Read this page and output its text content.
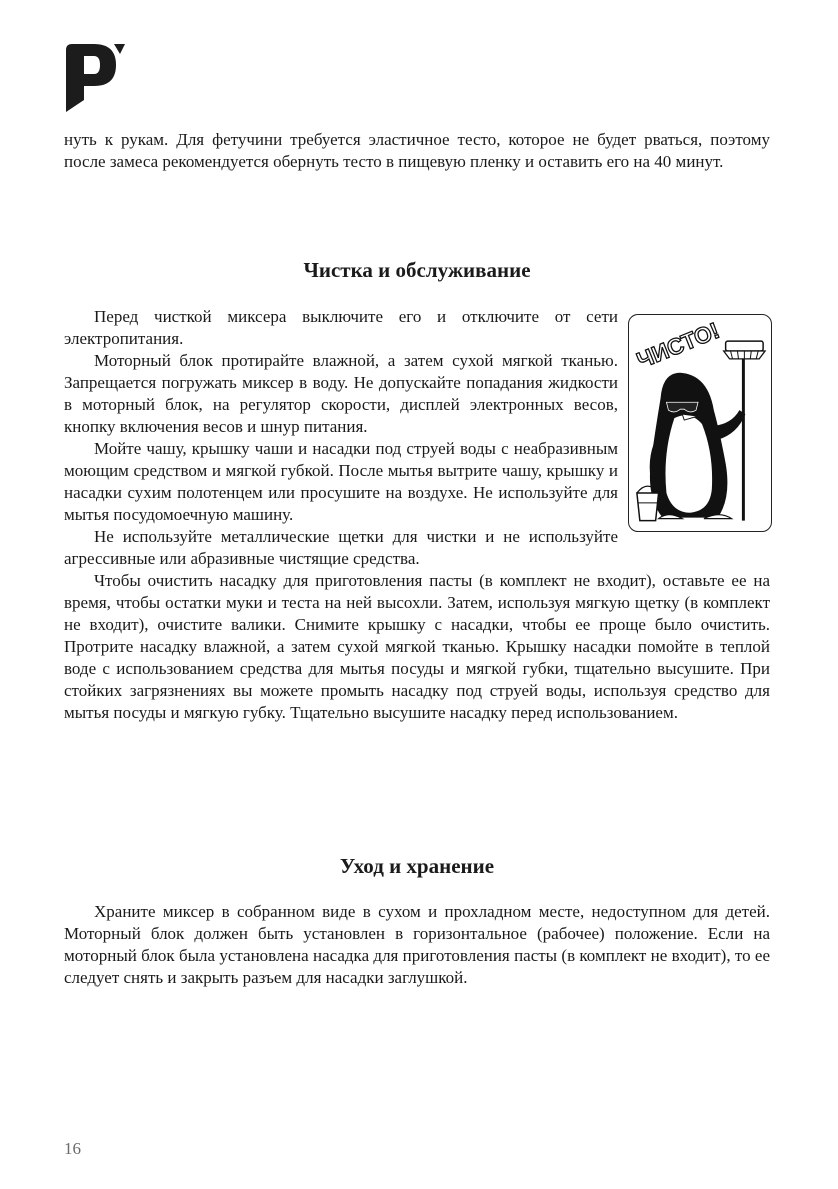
нуть к рукам. Для фетучини требуется эластичное тесто, которое не будет рваться, поэтому после замеса рекомендуется обернуть тесто в пищевую пленку и оставить его на 40 минут.

Чистка и обслуживание
ЧИСТО!

Перед чисткой миксера выключите его и отключите от сети электропитания.

Моторный блок протирайте влажной, а затем сухой мягкой тканью. Запрещается погружать миксер в воду. Не допускайте попадания жидкости в моторный блок, на регулятор скорости, дисплей электронных весов, кнопку включения весов и шнур питания.

Мойте чашу, крышку чаши и насадки под струей воды с неабразивным моющим средством и мягкой губкой. После мытья вытрите чашу, крышку и насадки сухим полотенцем или просушите на воздухе. Не используйте для мытья посудомоечную машину.

Не используйте металлические щетки для чистки и не используйте агрессивные или абразивные чистящие средства.

Чтобы очистить насадку для приготовления пасты (в комплект не входит), оставьте ее на время, чтобы остатки муки и теста на ней высохли. Затем, используя мягкую щетку (в комплект не входит), очистите валики. Снимите крышку с насадки, чтобы ее проще было очистить. Протрите насадку влажной, а затем сухой мягкой тканью. Крышку насадки помойте в теплой воде с использованием средства для мытья посуды и мягкой губки, тщательно высушите. При стойких загрязнениях вы можете промыть насадку под струей воды, используя средство для мытья посуды и мягкую губку. Тщательно высушите насадку перед использованием.

Уход и хранение

Храните миксер в собранном виде в сухом и прохладном месте, недоступном для детей. Моторный блок должен быть установлен в горизонтальное (рабочее) положение. Если на моторный блок была установлена насадка для приготовления пасты (в комплект не входит), то ее следует снять и закрыть разъем для насадки заглушкой.

16
